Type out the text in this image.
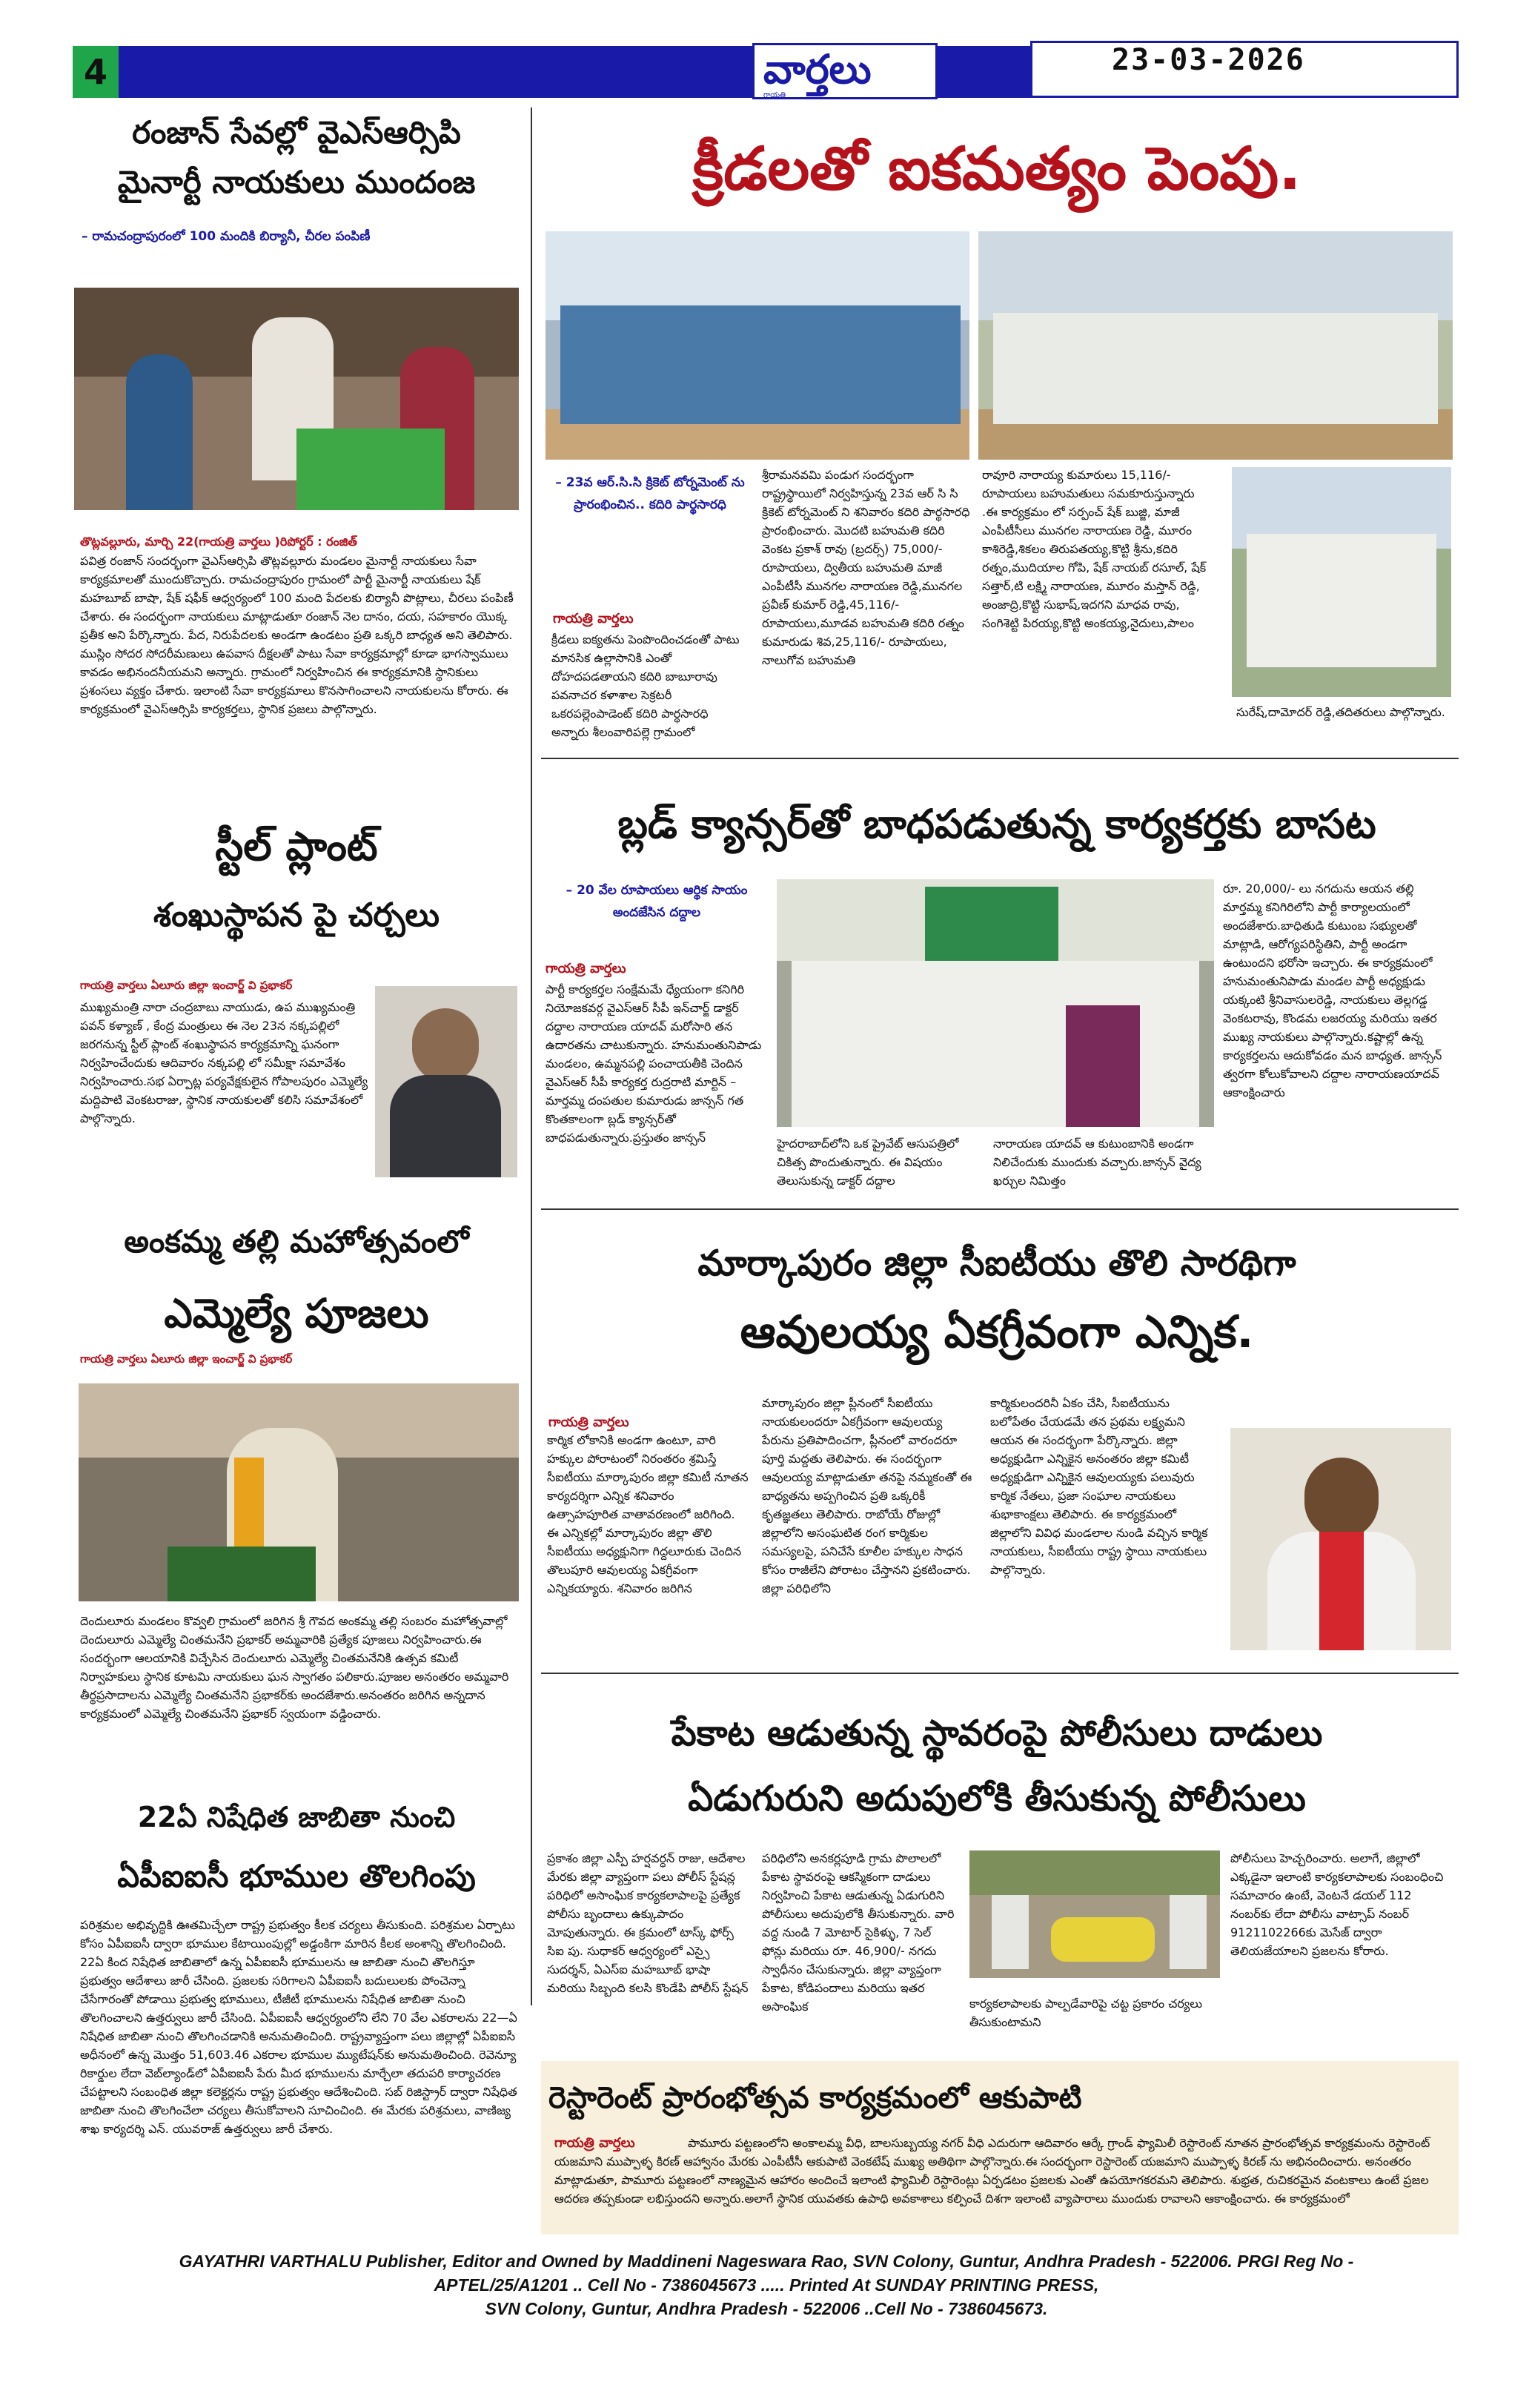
4	వార్తలు
గాయత్రి
23-03-2026
రంజాన్ సేవల్లో వైఎస్ఆర్సిపి
మైనార్టీ నాయకులు ముందంజ
– రామచంద్రాపురంలో 100 మందికి బిర్యానీ, చీరల పంపిణీ
తొట్లవల్లూరు, మార్చి 22(గాయత్రి వార్తలు )రిపోర్టర్ : రంజిత్
పవిత్ర రంజాన్ సందర్భంగా వైఎస్ఆర్సిపి తొట్లవల్లూరు మండలం మైనార్టీ నాయకులు సేవా కార్యక్రమాలతో ముందుకొచ్చారు. రామచంద్రాపురం గ్రామంలో పార్టీ మైనార్టీ నాయకులు షేక్ మహబూబ్ బాషా, షేక్ షఫీక్ ఆధ్వర్యంలో 100 మంది పేదలకు బిర్యానీ పొట్లాలు, చీరలు పంపిణీ చేశారు. ఈ సందర్భంగా నాయకులు మాట్లాడుతూ రంజాన్ నెల దానం, దయ, సహకారం యొక్క ప్రతీక అని పేర్కొన్నారు. పేద, నిరుపేదలకు అండగా ఉండటం ప్రతి ఒక్కరి బాధ్యత అని తెలిపారు. ముస్లిం సోదర సోదరీమణులు ఉపవాస దీక్షలతో పాటు సేవా కార్యక్రమాల్లో కూడా భాగస్వాములు కావడం అభినందనీయమని అన్నారు. గ్రామంలో నిర్వహించిన ఈ కార్యక్రమానికి స్థానికులు ప్రశంసలు వ్యక్తం చేశారు. ఇలాంటి సేవా కార్యక్రమాలు కొనసాగించాలని నాయకులను కోరారు. ఈ కార్యక్రమంలో వైఎస్ఆర్సిపి కార్యకర్తలు, స్థానిక ప్రజలు పాల్గొన్నారు.
క్రీడలతో ఐకమత్యం పెంపు.
– 23వ ఆర్.సి.సి క్రికెట్ టోర్నమెంట్ ను ప్రారంభించిన.. కదిరి పార్థసారధి
గాయత్రి వార్తలు
క్రీడలు ఐక్యతను పెంపొందించడంతో పాటు మానసిక ఉల్లాసానికి ఎంతో దోహదపడతాయని కదిరి బాబూరావు పవనాచర కళాశాల సెక్రటరీ ఒకరపల్లెంపాడెంట్ కదిరి పార్థసారధి అన్నారు శీలంవారిపల్లె గ్రామంలో
శ్రీరామనవమి పండుగ సందర్భంగా రాష్ట్రస్థాయిలో నిర్వహిస్తున్న 23వ ఆర్ సి సి క్రికెట్ టోర్నమెంట్ ని శనివారం కదిరి పార్థసారధి ప్రారంభించారు. మొదటి బహుమతి కదిరి వెంకట ప్రకాశ్ రావు (బ్రదర్స్) 75,000/-రూపాయలు, ద్వితీయ బహుమతి మాజీ ఎంపీటీసీ మునగల నారాయణ రెడ్డి,మునగల ప్రవీణ్ కుమార్ రెడ్డి,45,116/- రూపాయలు,మూడవ బహుమతి కదిరి రత్నం కుమారుడు శివ,25,116/- రూపాయలు, నాలుగోవ బహుమతి
రావూరి నారాయ్య కుమారులు 15,116/-రూపాయలు బహుమతులు సమకూరుస్తున్నారు .ఈ కార్యక్రమం లో సర్పంచ్ షేక్ బుజ్జి, మాజీ ఎంపీటీసీలు మునగల నారాయణ రెడ్డి, మూరం కాశిరెడ్డి,శికలం తిరుపతయ్య,కొట్టి శ్రీను,కదిరి రత్నం,ముదియాల గోపి, షేక్ నాయబ్ రసూల్, షేక్ సత్తార్,టి లక్ష్మి నారాయణ, మూరం మస్తాన్ రెడ్డి, అంజాద్రి,కొట్టి సుభాష్,ఇదగని మాధవ రావు, సంగిశెట్టి పిరయ్య,కొట్టి అంకయ్య,నైదులు,పాలం
సురేష్,దామోదర్ రెడ్డి,తదితరులు పాల్గొన్నారు.
స్టీల్ ప్లాంట్
శంఖుస్థాపన పై చర్చలు
గాయత్రి వార్తలు ఏలూరు జిల్లా ఇంచార్జ్ వి ప్రభాకర్
ముఖ్యమంత్రి నారా చంద్రబాబు నాయుడు, ఉప ముఖ్యమంత్రి పవన్ కళ్యాణ్ , కేంద్ర మంత్రులు ఈ నెల 23న నక్కపల్లిలో జరగనున్న స్టీల్ ప్లాంట్ శంఖుస్థాపన కార్యక్రమాన్ని ఘనంగా నిర్వహించేందుకు ఆదివారం నక్కపల్లి లో సమీక్షా సమావేశం నిర్వహించారు.సభ ఏర్పాట్ల పర్యవేక్షకులైన గోపాలపురం ఎమ్మెల్యే మద్దిపాటి వెంకటరాజు, స్థానిక నాయకులతో కలిసి సమావేశంలో పాల్గొన్నారు.
బ్లడ్ క్యాన్సర్‌తో బాధపడుతున్న కార్యకర్తకు బాసట
– 20 వేల రూపాయలు ఆర్థిక సాయం అందజేసిన దద్దాల
గాయత్రి వార్తలు
పార్టీ కార్యకర్తల సంక్షేమమే ధ్యేయంగా కనిగిరి నియోజకవర్గ వైఎస్ఆర్ సీపీ ఇన్‌చార్జ్ డాక్టర్ దద్దాల నారాయణ యాదవ్ మరోసారి తన ఉదారతను చాటుకున్నారు. హనుమంతునిపాడు మండలం, ఉమ్మనపల్లి పంచాయతీకి చెందిన వైఎస్ఆర్ సీపీ కార్యకర్త రుద్రరాటి మార్టిన్ – మార్తమ్మ దంపతుల కుమారుడు జాన్సన్ గత కొంతకాలంగా బ్లడ్ క్యాన్సర్‌తో బాధపడుతున్నారు.ప్రస్తుతం జాన్సన్	హైదరాబాద్‌లోని ఒక ప్రైవేట్ ఆసుపత్రిలో చికిత్స పొందుతున్నారు. ఈ విషయం తెలుసుకున్న డాక్టర్ దద్దాల
నారాయణ యాదవ్ ఆ కుటుంబానికి అండగా నిలిచేందుకు ముందుకు వచ్చారు.జాన్సన్ వైద్య ఖర్చుల నిమిత్తం
రూ. 20,000/- లు నగదును ఆయన తల్లి మార్తమ్మ కనిగిరిలోని పార్టీ కార్యాలయంలో అందజేశారు.బాధితుడి కుటుంబ సభ్యులతో మాట్లాడి, ఆరోగ్యపరిస్థితిని, పార్టీ అండగా ఉంటుందని భరోసా ఇచ్చారు. ఈ కార్యక్రమంలో హనుమంతునిపాడు మండల పార్టీ అధ్యక్షుడు యక్కంటి శ్రీనివాసులరెడ్డి, నాయకులు తెల్లగడ్డ వెంకటరావు, కొండమ లజరయ్య మరియు ఇతర ముఖ్య నాయకులు పాల్గొన్నారు.కష్టాల్లో ఉన్న కార్యకర్తలను ఆదుకోవడం మన బాధ్యత. జాన్సన్ త్వరగా కోలుకోవాలని దద్దాల నారాయణయాదవ్ ఆకాంక్షించారు
అంకమ్మ తల్లి మహోత్సవంలో
ఎమ్మెల్యే పూజలు
గాయత్రి వార్తలు ఏలూరు జిల్లా ఇంచార్జ్ వి ప్రభాకర్
దెందులూరు మండలం కొవ్వలి గ్రామంలో జరిగిన శ్రీ గౌవద అంకమ్మ తల్లి సంబరం మహోత్సవాల్లో దెందులూరు ఎమ్మెల్యే చింతమనేని ప్రభాకర్ అమ్మవారికి ప్రత్యేక పూజలు నిర్వహించారు.ఈ సందర్భంగా ఆలయానికి విచ్చేసిన దెందులూరు ఎమ్మెల్యే చింతమనేనికి ఉత్సవ కమిటీ నిర్వాహకులు స్థానిక కూటమి నాయకులు ఘన స్వాగతం పలికారు.పూజల అనంతరం అమ్మవారి తీర్థప్రసాదాలను ఎమ్మెల్యే చింతమనేని ప్రభాకర్‌కు అందజేశారు.అనంతరం జరిగిన అన్నదాన కార్యక్రమంలో ఎమ్మెల్యే చింతమనేని ప్రభాకర్ స్వయంగా వడ్డించారు.
మార్కాపురం జిల్లా సీఐటీయు తొలి సారథిగా
ఆవులయ్య ఏకగ్రీవంగా ఎన్నిక.
గాయత్రి వార్తలు
కార్మిక లోకానికి అండగా ఉంటూ, వారి హక్కుల పోరాటంలో నిరంతరం శ్రమిస్తే సీఐటీయు మార్కాపురం జిల్లా కమిటీ నూతన కార్యదర్శిగా ఎన్నిక శనివారం ఉత్సాహపూరిత వాతావరణంలో జరిగింది. ఈ ఎన్నికల్లో మార్కాపురం జిల్లా తొలి సీఐటీయు అధ్యక్షునిగా గిద్దలూరుకు చెందిన తొలుపూరి ఆవులయ్య ఏకగ్రీవంగా ఎన్నికయ్యారు. శనివారం జరిగిన
మార్కాపురం జిల్లా ప్లీనంలో సీఐటీయు నాయకులందరూ ఏకగ్రీవంగా ఆవులయ్య పేరును ప్రతిపాదించగా, ప్లీనంలో వారందరూ పూర్తి మద్దతు తెలిపారు. ఈ సందర్భంగా ఆవులయ్య మాట్లాడుతూ తనపై నమ్మకంతో ఈ బాధ్యతను అప్పగించిన ప్రతి ఒక్కరికీ కృతజ్ఞతలు తెలిపారు. రాబోయే రోజుల్లో జిల్లాలోని అసంఘటిత రంగ కార్మికుల సమస్యలపై, పనిచేసే కూలీల హక్కుల సాధన కోసం రాజీలేని పోరాటం చేస్తానని ప్రకటించారు. జిల్లా పరిధిలోని
కార్మికులందరినీ ఏకం చేసి, సీఐటీయును బలోపేతం చేయడమే తన ప్రథమ లక్ష్యమని ఆయన ఈ సందర్భంగా పేర్కొన్నారు. జిల్లా అధ్యక్షుడిగా ఎన్నికైన అనంతరం జిల్లా కమిటీ అధ్యక్షుడిగా ఎన్నికైన ఆవులయ్యకు పలువురు కార్మిక నేతలు, ప్రజా సంఘాల నాయకులు శుభాకాంక్షలు తెలిపారు. ఈ కార్యక్రమంలో జిల్లాలోని వివిధ మండలాల నుండి వచ్చిన కార్మిక నాయకులు, సీఐటీయు రాష్ట్ర స్థాయి నాయకులు పాల్గొన్నారు.
22ఏ నిషేధిత జాబితా నుంచి
ఏపీఐఐసీ భూముల తొలగింపు
పరిశ్రమల అభివృద్ధికి ఊతమిచ్చేలా రాష్ట్ర ప్రభుత్వం కీలక చర్యలు తీసుకుంది. పరిశ్రమల ఏర్పాటు కోసం ఏపీఐఐసీ ద్వారా భూముల కేటాయింపుల్లో అడ్డంకిగా మారిన కీలక అంశాన్ని తొలగించింది. 22ఏ కింద నిషేధిత జాబితాలో ఉన్న ఏపీఐఐసీ భూములను ఆ జాబితా నుంచి తొలగిస్తూ ప్రభుత్వం ఆదేశాలు జారీ చేసింది. ప్రజలకు సరిగాలని ఏపీఐఐసీ బదులులకు పోంచెన్నా చేసేగారంతో పోడాయి ప్రభుత్వ భూములు, టీజీటీ భూములను నిషేధిత జాబితా నుంచి తొలగించాలని ఉత్తర్వులు జారీ చేసింది. ఏపీఐఐసీ ఆధ్వర్యంలోని లేని 70 వేల ఎకరాలను 22—ఏ నిషేధిత జాబితా నుంచి తొలగించడానికి అనుమతించింది. రాష్ట్రవ్యాప్తంగా పలు జిల్లాల్లో ఏపీఐఐసీ అధీనంలో ఉన్న మొత్తం 51,603.46 ఎకరాల భూముల మ్యుటేషన్‌కు అనుమతించింది. రెవెన్యూ రికార్డుల లేదా వెబ్‌ల్యాండ్‌లో ఏపీఐఐసీ పేరు మీద భూములను మార్చేలా తదుపరి కార్యాచరణ చేపట్టాలని సంబంధిత జిల్లా కలెక్టర్లను రాష్ట్ర ప్రభుత్వం ఆదేశించింది. సబ్ రిజిస్ట్రార్ ద్వారా నిషేధిత జాబితా నుంచి తొలగించేలా చర్యలు తీసుకోవాలని సూచించింది. ఈ మేరకు పరిశ్రమలు, వాణిజ్య శాఖ కార్యదర్శి ఎన్. యువరాజ్ ఉత్తర్వులు జారీ చేశారు.
పేకాట ఆడుతున్న స్థావరంపై పోలీసులు దాడులు
ఏడుగురుని అదుపులోకి తీసుకున్న పోలీసులు
ప్రకాశం జిల్లా ఎస్పీ హర్షవర్ధన్ రాజు, ఆదేశాల మేరకు జిల్లా వ్యాప్తంగా పలు పోలీస్ స్టేషన్ల పరిధిలో అసాంఘిక కార్యకలాపాలపై ప్రత్యేక పోలీసు బృందాలు ఉక్కుపాదం మోపుతున్నారు. ఈ క్రమంలో టాస్క్ ఫోర్స్ సిఐ పు. సుధాకర్ ఆధ్వర్యంలో ఎస్సై సుదర్శన్, ఏఎస్ఐ మహబూబ్ భాషా మరియు సిబ్బంది కలసి కొండేపి పోలీస్ స్టేషన్
పరిధిలోని అనకర్లపూడి గ్రామ పొలాలలో పేకాట స్థావరంపై ఆకస్మికంగా దాడులు నిర్వహించి పేకాట ఆడుతున్న ఏడుగురిని పోలీసులు అదుపులోకి తీసుకున్నారు. వారి వద్ద నుండి 7 మోటార్ సైకిళ్ళు, 7 సెల్ ఫోన్లు మరియు రూ. 46,900/- నగదు స్వాధీనం చేసుకున్నారు. జిల్లా వ్యాప్తంగా పేకాట, కోడిపందాలు మరియు ఇతర అసాంఘిక	కార్యకలాపాలకు పాల్పడేవారిపై చట్ట ప్రకారం చర్యలు తీసుకుంటామని
పోలీసులు హెచ్చరించారు. అలాగే, జిల్లాలో ఎక్కడైనా ఇలాంటి కార్యకలాపాలకు సంబంధించి సమాచారం ఉంటే, వెంటనే డయల్ 112 నంబర్‌కు లేదా పోలీసు వాట్సాప్ నంబర్ 9121102266కు మెసేజ్ ద్వారా తెలియజేయాలని ప్రజలను కోరారు.
రెస్టారెంట్ ప్రారంభోత్సవ కార్యక్రమంలో ఆకుపాటి
గాయత్రి వార్తలు	పామూరు పట్టణంలోని అంకాలమ్మ వీధి, బాలసుబ్బయ్య నగర్ వీధి ఎదురుగా ఆదివారం ఆర్కే గ్రాండ్ ఫ్యామిలీ రెస్టారెంట్ నూతన ప్రారంభోత్సవ కార్యక్రమంను రెస్టారెంట్ యజమాని ముప్పాళ్ళ కిరణ్ ఆహ్వానం మేరకు ఎంపీటీసీ ఆకుపాటి వెంకటేష్ ముఖ్య అతిథిగా పాల్గొన్నారు.ఈ సందర్భంగా రెస్టారెంట్ యజమాని ముప్పాళ్ళ కిరణ్ ను అభినందించారు. అనంతరం మాట్లాడుతూ, పామూరు పట్టణంలో నాణ్యమైన ఆహారం అందించే ఇలాంటి ఫ్యామిలీ రెస్టారెంట్లు ఏర్పడటం ప్రజలకు ఎంతో ఉపయోగకరమని తెలిపారు. శుభ్రత, రుచికరమైన వంటకాలు ఉంటే ప్రజల ఆదరణ తప్పకుండా లభిస్తుందని అన్నారు.అలాగే స్థానిక యువతకు ఉపాధి అవకాశాలు కల్పించే దిశగా ఇలాంటి వ్యాపారాలు ముందుకు రావాలని ఆకాంక్షించారు. ఈ కార్యక్రమంలో
GAYATHRI VARTHALU Publisher, Editor and Owned by Maddineni Nageswara Rao, SVN Colony, Guntur, Andhra Pradesh - 522006. PRGI Reg No -
APTEL/25/A1201 .. Cell No - 7386045673 ..... Printed At SUNDAY PRINTING PRESS,
SVN Colony, Guntur, Andhra Pradesh - 522006 ..Cell No - 7386045673.
